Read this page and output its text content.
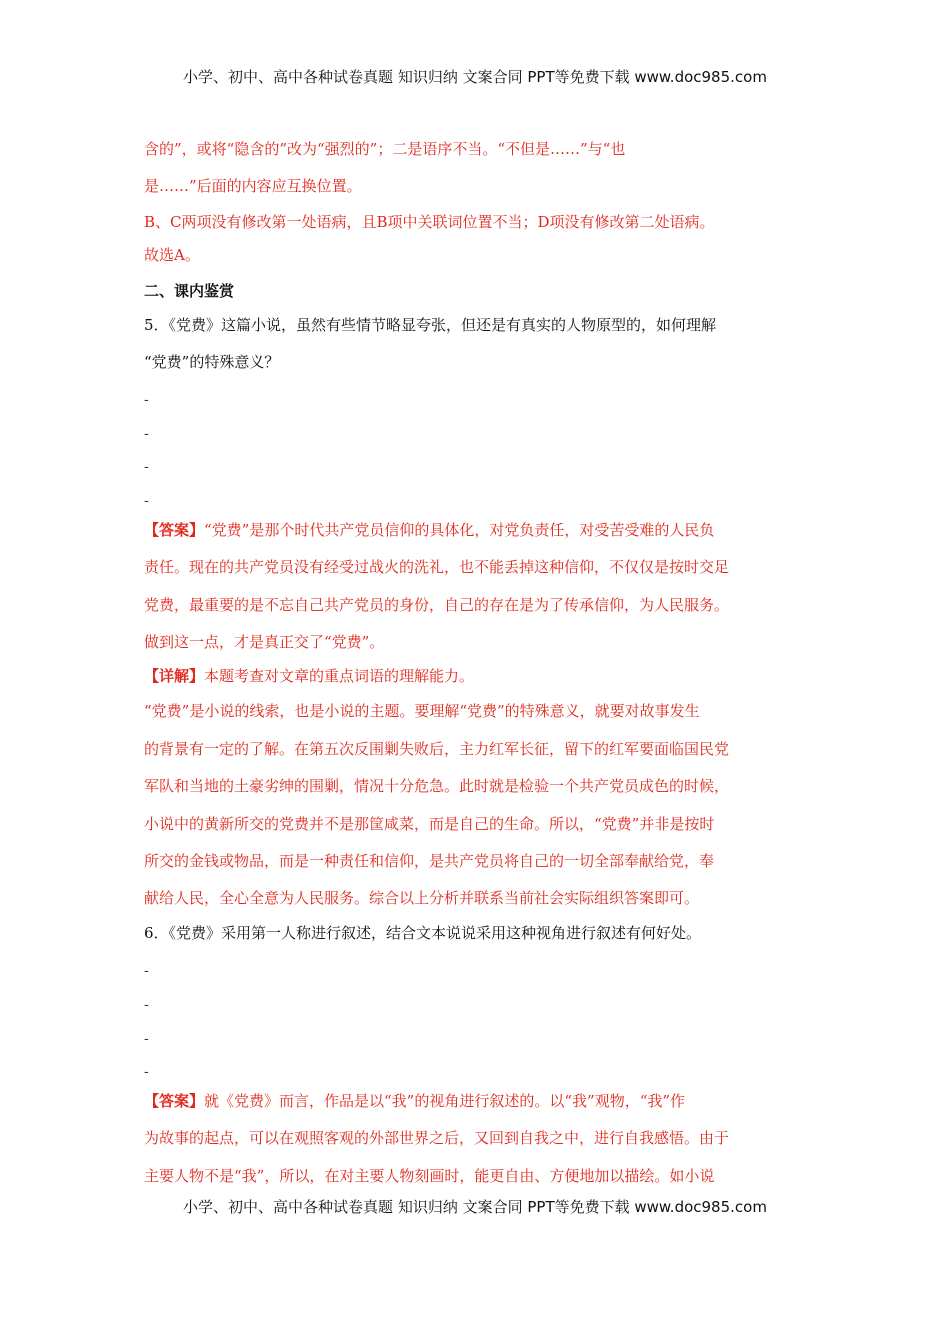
小学、初中、高中各种试卷真题 知识归纳 文案合同 PPT等免费下载 www.doc985.com
含的”，或将“隐含的”改为“强烈的”；二是语序不当。“不但是……”与“也
是……”后面的内容应互换位置。
B、C两项没有修改第一处语病，且B项中关联词位置不当；D项没有修改第二处语病。
故选A。
二、课内鉴赏
5．《党费》这篇小说，虽然有些情节略显夸张，但还是有真实的人物原型的，如何理解
“党费”的特殊意义？
-
-
-
-
【答案】“党费”是那个时代共产党员信仰的具体化，对党负责任，对受苦受难的人民负
责任。现在的共产党员没有经受过战火的洗礼，也不能丢掉这种信仰，不仅仅是按时交足
党费，最重要的是不忘自己共产党员的身份，自己的存在是为了传承信仰，为人民服务。
做到这一点，才是真正交了“党费”。
【详解】本题考查对文章的重点词语的理解能力。
“党费”是小说的线索，也是小说的主题。要理解“党费”的特殊意义，就要对故事发生
的背景有一定的了解。在第五次反围剿失败后，主力红军长征，留下的红军要面临国民党
军队和当地的土豪劣绅的围剿，情况十分危急。此时就是检验一个共产党员成色的时候，
小说中的黄新所交的党费并不是那筐咸菜，而是自己的生命。所以，“党费”并非是按时
所交的金钱或物品，而是一种责任和信仰，是共产党员将自己的一切全部奉献给党，奉
献给人民，全心全意为人民服务。综合以上分析并联系当前社会实际组织答案即可。
6．《党费》采用第一人称进行叙述，结合文本说说采用这种视角进行叙述有何好处。
-
-
-
-
【答案】就《党费》而言，作品是以“我”的视角进行叙述的。以“我”观物，“我”作
为故事的起点，可以在观照客观的外部世界之后，又回到自我之中，进行自我感悟。由于
主要人物不是“我”，所以，在对主要人物刻画时，能更自由、方便地加以描绘。如小说
小学、初中、高中各种试卷真题 知识归纳 文案合同 PPT等免费下载 www.doc985.com
